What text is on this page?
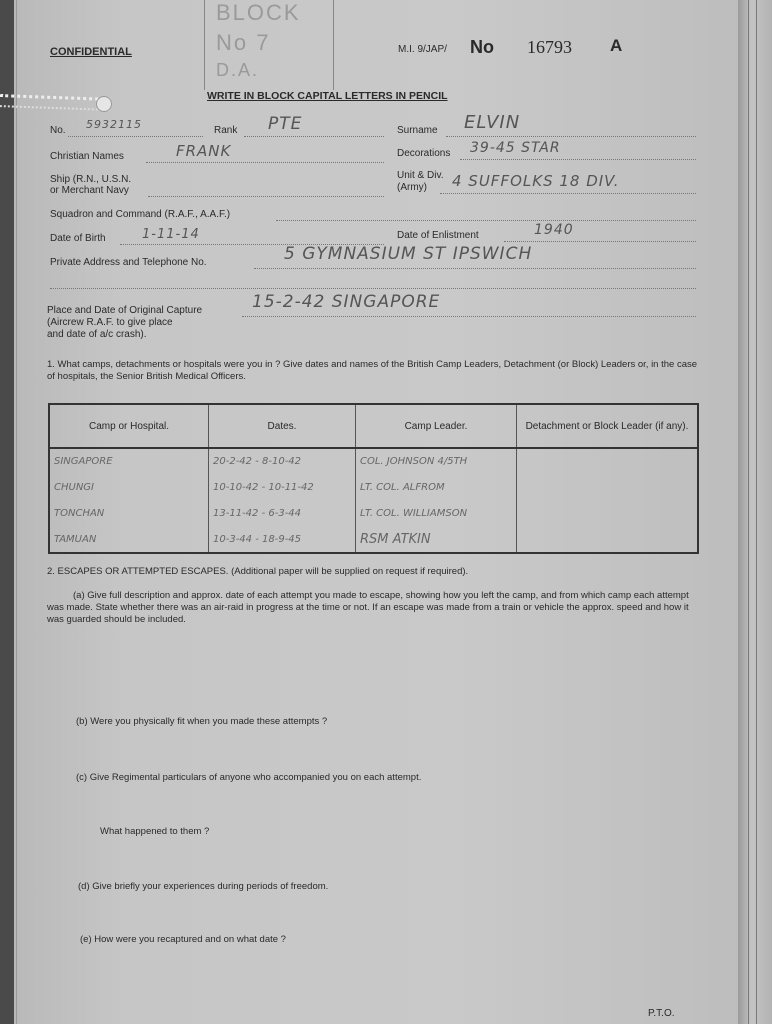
BLOCK
No 7
D.A.
CONFIDENTIAL	M.I. 9/JAP/ No 16793 A
WRITE IN BLOCK CAPITAL LETTERS IN PENCIL
No. 5932115	Rank PTE	Surname ELVIN
Christian Names	FRANK	Decorations 39-45 STAR
Ship (R.N., U.S.N.
or Merchant Navy
Unit & Div.
(Army) 4 SUFFOLKS 18 DIV.
Squadron and Command (R.A.F., A.A.F.)
Date of Birth	1-11-14	Date of Enlistment	1940
Private Address and Telephone No.	5 GYMNASIUM ST IPSWICH
Place and Date of Original Capture
(Aircrew R.A.F. to give place
and date of a/c crash).
15-2-42 SINGAPORE
1. What camps, detachments or hospitals were you in ? Give dates and names of the British Camp Leaders, Detachment (or Block) Leaders or, in the case of hospitals, the Senior British Medical Officers.
Camp or Hospital.	Dates.	Camp Leader.	Detachment or Block Leader (if any).
SINGAPORE	20-2-42 - 8-10-42	COL. JOHNSON 4/5TH	
CHUNGI	10-10-42 - 10-11-42	LT. COL. ALFROM	
TONCHAN	13-11-42 - 6-3-44	LT. COL. WILLIAMSON	
TAMUAN	10-3-44 - 18-9-45	RSM ATKIN	
2. ESCAPES OR ATTEMPTED ESCAPES. (Additional paper will be supplied on request if required).
(a) Give full description and approx. date of each attempt you made to escape, showing how you left the camp, and from which camp each attempt was made. State whether there was an air-raid in progress at the time or not. If an escape was made from a train or vehicle the approx. speed and how it was guarded should be included.
(b) Were you physically fit when you made these attempts ?
(c) Give Regimental particulars of anyone who accompanied you on each attempt.
What happened to them ?
(d) Give briefly your experiences during periods of freedom.
(e) How were you recaptured and on what date ?
P.T.O.
